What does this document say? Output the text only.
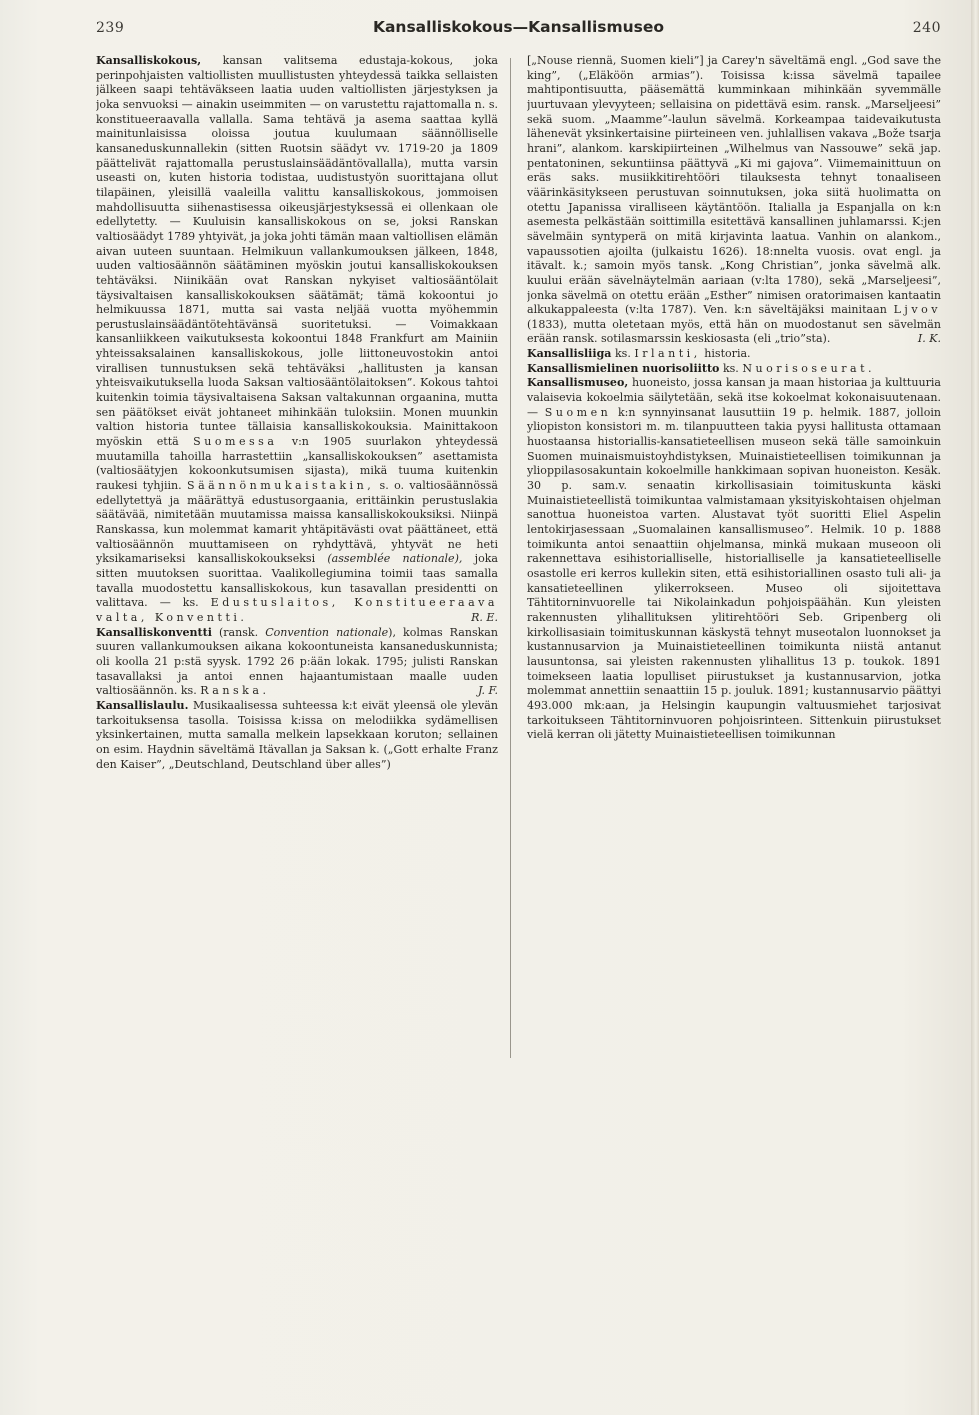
239	Kansalliskokous—Kansallismuseo	240

Kansalliskokous, kansan valitsema edustaja-kokous, joka perinpohjaisten valtiollisten muullistusten yhteydessä taikka sellaisten jälkeen saapi tehtäväkseen laatia uuden valtiollisten järjestyksen ja joka senvuoksi — ainakin useimmiten — on varustettu rajattomalla n. s. konstitueeraavalla vallalla. Sama tehtävä ja asema saattaa kyllä mainitunlaisissa oloissa joutua kuulumaan säännölliselle kansaneduskunnallekin (sitten Ruotsin säädyt vv. 1719-20 ja 1809 päättelivät rajattomalla perustuslainsäädäntövallalla), mutta varsin useasti on, kuten historia todistaa, uudistustyön suorittajana ollut tilapäinen, yleisillä vaaleilla valittu kansalliskokous, jommoisen mahdollisuutta siihenastisessa oikeusjärjestyksessä ei ollenkaan ole edellytetty. — Kuuluisin kansalliskokous on se, joksi Ranskan valtiosäädyt 1789 yhtyivät, ja joka johti tämän maan valtiollisen elämän aivan uuteen suuntaan. Helmikuun vallankumouksen jälkeen, 1848, uuden valtiosäännön säätäminen myöskin joutui kansalliskokouksen tehtäväksi. Niinikään ovat Ranskan nykyiset valtiosääntölait täysivaltaisen kansalliskokouksen säätämät; tämä kokoontui jo helmikuussa 1871, mutta sai vasta neljää vuotta myöhemmin perustuslainsäädäntötehtävänsä suoritetuksi. — Voimakkaan kansanliikkeen vaikutuksesta kokoontui 1848 Frankfurt am Mainiin yhteissaksalainen kansalliskokous, jolle liittoneuvostokin antoi virallisen tunnustuksen sekä tehtäväksi „hallitusten ja kansan yhteisvaikutuksella luoda Saksan valtiosääntölaitoksen”. Kokous tahtoi kuitenkin toimia täysivaltaisena Saksan valtakunnan orgaanina, mutta sen päätökset eivät johtaneet mihinkään tuloksiin. Monen muunkin valtion historia tuntee tällaisia kansalliskokouksia. Mainittakoon myöskin että Suomessa v:n 1905 suurlakon yhteydessä muutamilla tahoilla harrastettiin „kansalliskokouksen” asettamista (valtiosäätyjen kokoonkutsumisen sijasta), mikä tuuma kuitenkin raukesi tyhjiin. Säännönmukaistakin, s. o. valtiosäännössä edellytettyä ja määrättyä edustusorgaania, erittäinkin perustuslakia säätävää, nimitetään muutamissa maissa kansalliskokouksiksi. Niinpä Ranskassa, kun molemmat kamarit yhtäpitävästi ovat päättäneet, että valtiosäännön muuttamiseen on ryhdyttävä, yhtyvät ne heti yksikamariseksi kansalliskokoukseksi (assemblée nationale), joka sitten muutoksen suorittaa. Vaalikollegiumina toimii taas samalla tavalla muodostettu kansalliskokous, kun tasavallan presidentti on valittava. — ks. Edustuslaitos, Konstitueeraava valta, Konventti.	R. E.

Kansalliskonventti (ransk. Convention nationale), kolmas Ranskan suuren vallankumouksen aikana kokoontuneista kansaneduskunnista; oli koolla 21 p:stä syysk. 1792 26 p:ään lokak. 1795; julisti Ranskan tasavallaksi ja antoi ennen hajaantumistaan maalle uuden valtiosäännön. ks. Ranska.	J. F.

Kansallislaulu. Musikaalisessa suhteessa k:t eivät yleensä ole ylevän tarkoituksensa tasolla. Toisissa k:issa on melodiikka sydämellisen yksinkertainen, mutta samalla melkein lapsekkaan koruton; sellainen on esim. Haydnin säveltämä Itävallan ja Saksan k. („Gott erhalte Franz den Kaiser”, „Deutschland, Deutschland über alles”)

[„Nouse riennä, Suomen kieli”] ja Carey'n säveltämä engl. „God save the king”, („Eläköön armias”). Toisissa k:issa sävelmä tapailee mahtipontisuutta, pääsemättä kumminkaan mihinkään syvemmälle juurtuvaan ylevyyteen; sellaisina on pidettävä esim. ransk. „Marseljeesi” sekä suom. „Maamme”-laulun sävelmä. Korkeampaa taidevaikutusta lähenevät yksinkertaisine piirteineen ven. juhlallisen vakava „Bože tsarja hrani”, alankom. karskipiirteinen „Wilhelmus van Nassouwe” sekä jap. pentatoninen, sekuntiinsa päättyvä „Ki mi gajova”. Viimemainittuun on eräs saks. musiikkitirehtööri tilauksesta tehnyt tonaaliseen väärinkäsitykseen perustuvan soinnutuksen, joka siitä huolimatta on otettu Japanissa viralliseen käytäntöön. Italialla ja Espanjalla on k:n asemesta pelkästään soittimilla esitettävä kansallinen juhlamarssi. K:jen sävelmäin syntyperä on mitä kirjavinta laatua. Vanhin on alankom., vapaussotien ajoilta (julkaistu 1626). 18:nnelta vuosis. ovat engl. ja itävalt. k.; samoin myös tansk. „Kong Christian”, jonka sävelmä alk. kuului erään sävelnäytelmän aariaan (v:lta 1780), sekä „Marseljeesi”, jonka sävelmä on otettu erään „Esther” nimisen oratorimaisen kantaatin alkukappaleesta (v:lta 1787). Ven. k:n säveltäjäksi mainitaan Ljvov (1833), mutta oletetaan myös, että hän on muodostanut sen sävelmän erään ransk. sotilasmarssin keskiosasta (eli „trio”sta).	I. K.

Kansallisliiga ks. Irlanti, historia.

Kansallismielinen nuorisoliitto ks. Nuorisoseurat.

Kansallismuseo, huoneisto, jossa kansan ja maan historiaa ja kulttuuria valaisevia kokoelmia säilytetään, sekä itse kokoelmat kokonaisuutenaan. — Suomen k:n synnyinsanat lausuttiin 19 p. helmik. 1887, jolloin yliopiston konsistori m. m. tilanpuutteen takia pyysi hallitusta ottamaan huostaansa historiallis-kansatieteellisen museon sekä tälle samoinkuin Suomen muinaismuistoyhdistyksen, Muinaistieteellisen toimikunnan ja ylioppilasosakuntain kokoelmille hankkimaan sopivan huoneiston. Kesäk. 30 p. sam.v. senaatin kirkollisasiain toimituskunta käski Muinaistieteellistä toimikuntaa valmistamaan yksityiskohtaisen ohjelman sanottua huoneistoa varten. Alustavat työt suoritti Eliel Aspelin lentokirjasessaan „Suomalainen kansallismuseo”. Helmik. 10 p. 1888 toimikunta antoi senaattiin ohjelmansa, minkä mukaan museoon oli rakennettava esihistorialliselle, historialliselle ja kansatieteelliselle osastolle eri kerros kullekin siten, että esihistoriallinen osasto tuli ali- ja kansatieteellinen ylikerrokseen. Museo oli sijoitettava Tähtitorninvuorelle tai Nikolainkadun pohjoispäähän. Kun yleisten rakennusten ylihallituksen ylitirehtööri Seb. Gripenberg oli kirkollisasiain toimituskunnan käskystä tehnyt museotalon luonnokset ja kustannusarvion ja Muinaistieteellinen toimikunta niistä antanut lausuntonsa, sai yleisten rakennusten ylihallitus 13 p. toukok. 1891 toimekseen laatia lopulliset piirustukset ja kustannusarvion, jotka molemmat annettiin senaattiin 15 p. jouluk. 1891; kustannusarvio päättyi 493.000 mk:aan, ja Helsingin kaupungin valtuusmiehet tarjosivat tarkoitukseen Tähtitorninvuoren pohjoisrinteen. Sittenkuin piirustukset vielä kerran oli jätetty Muinaistieteellisen toimikunnan
